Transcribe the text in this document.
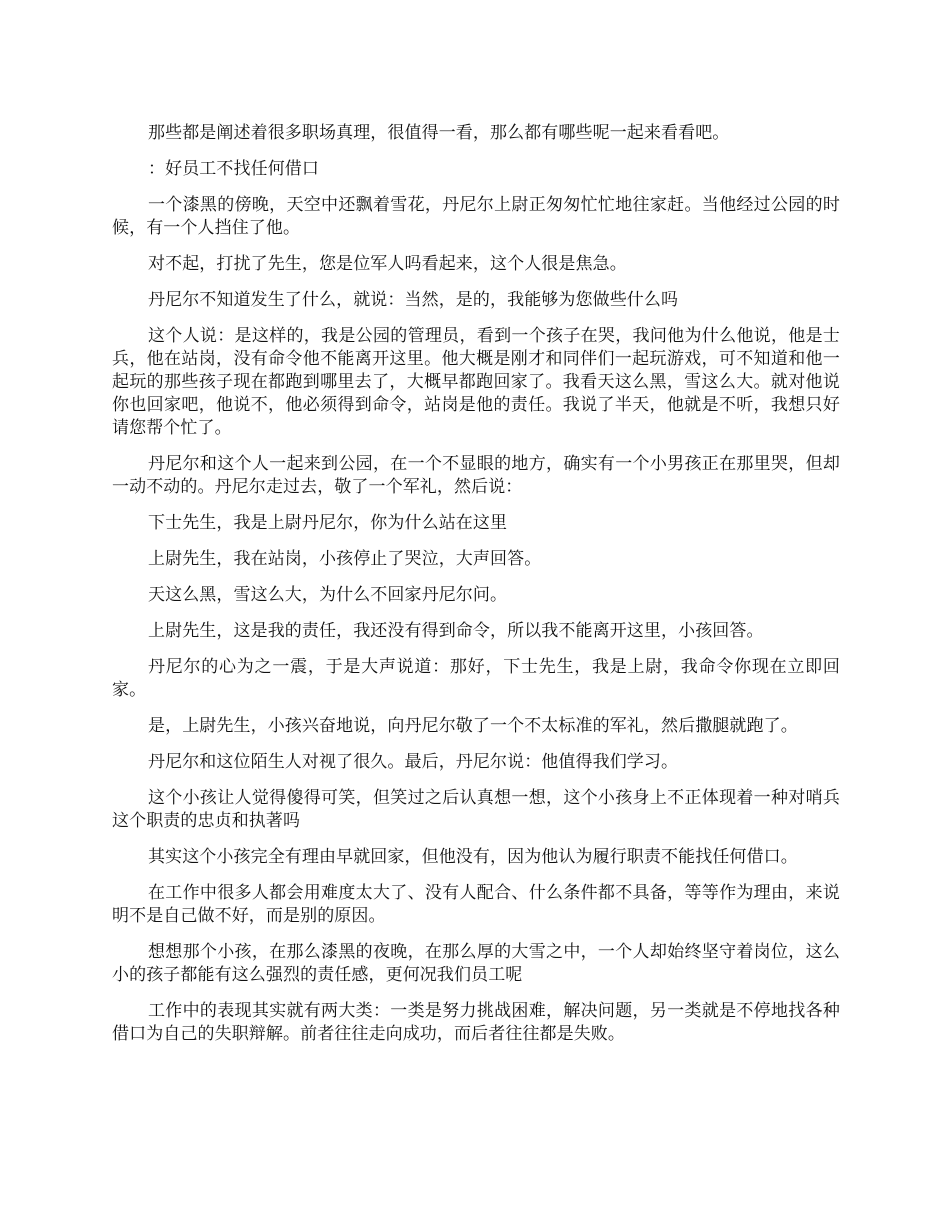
那些都是阐述着很多职场真理，很值得一看，那么都有哪些呢一起来看看吧。

：好员工不找任何借口

一个漆黑的傍晚，天空中还飘着雪花，丹尼尔上尉正匆匆忙忙地往家赶。当他经过公园的时候，有一个人挡住了他。

对不起，打扰了先生，您是位军人吗看起来，这个人很是焦急。

丹尼尔不知道发生了什么，就说：当然，是的，我能够为您做些什么吗

这个人说：是这样的，我是公园的管理员，看到一个孩子在哭，我问他为什么他说，他是士兵，他在站岗，没有命令他不能离开这里。他大概是刚才和同伴们一起玩游戏，可不知道和他一起玩的那些孩子现在都跑到哪里去了，大概早都跑回家了。我看天这么黑，雪这么大。就对他说你也回家吧，他说不，他必须得到命令，站岗是他的责任。我说了半天，他就是不听，我想只好请您帮个忙了。

丹尼尔和这个人一起来到公园，在一个不显眼的地方，确实有一个小男孩正在那里哭，但却一动不动的。丹尼尔走过去，敬了一个军礼，然后说：

下士先生，我是上尉丹尼尔，你为什么站在这里

上尉先生，我在站岗，小孩停止了哭泣，大声回答。

天这么黑，雪这么大，为什么不回家丹尼尔问。

上尉先生，这是我的责任，我还没有得到命令，所以我不能离开这里，小孩回答。

丹尼尔的心为之一震，于是大声说道：那好，下士先生，我是上尉，我命令你现在立即回家。

是，上尉先生，小孩兴奋地说，向丹尼尔敬了一个不太标准的军礼，然后撒腿就跑了。

丹尼尔和这位陌生人对视了很久。最后，丹尼尔说：他值得我们学习。

这个小孩让人觉得傻得可笑，但笑过之后认真想一想，这个小孩身上不正体现着一种对哨兵这个职责的忠贞和执著吗

其实这个小孩完全有理由早就回家，但他没有，因为他认为履行职责不能找任何借口。

在工作中很多人都会用难度太大了、没有人配合、什么条件都不具备，等等作为理由，来说明不是自己做不好，而是别的原因。

想想那个小孩，在那么漆黑的夜晚，在那么厚的大雪之中，一个人却始终坚守着岗位，这么小的孩子都能有这么强烈的责任感，更何况我们员工呢

工作中的表现其实就有两大类：一类是努力挑战困难，解决问题，另一类就是不停地找各种借口为自己的失职辩解。前者往往走向成功，而后者往往都是失败。
